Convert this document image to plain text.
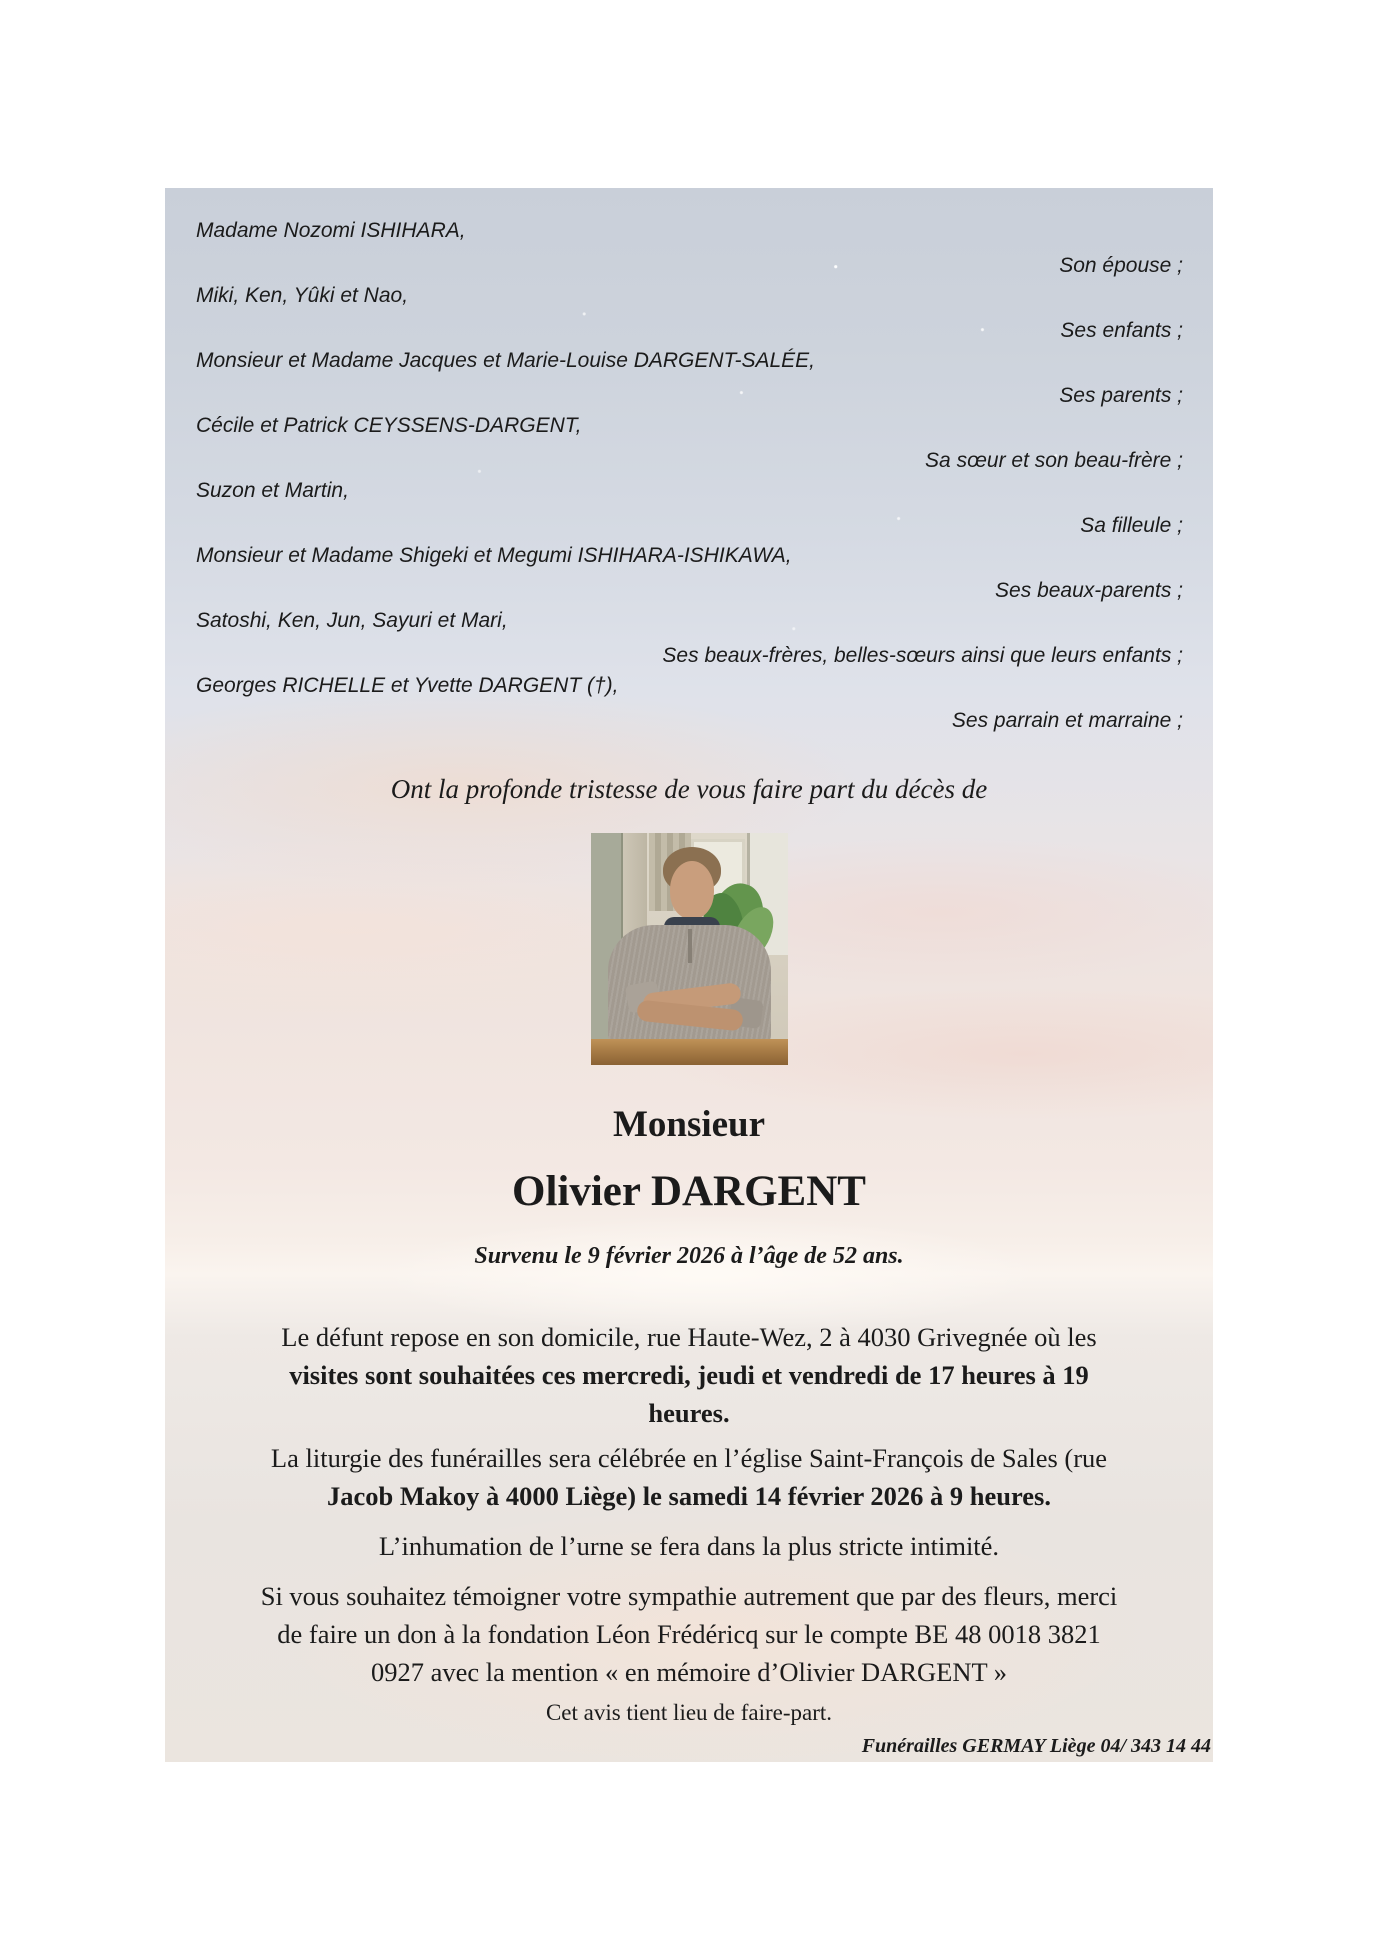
Madame Nozomi ISHIHARA,
Son épouse ;
Miki, Ken, Yûki et Nao,
Ses enfants ;
Monsieur et Madame Jacques et Marie-Louise DARGENT-SALÉE,
Ses parents ;
Cécile et Patrick CEYSSENS-DARGENT,
Sa sœur et son beau-frère ;
Suzon et Martin,
Sa filleule ;
Monsieur et Madame Shigeki et Megumi ISHIHARA-ISHIKAWA,
Ses beaux-parents ;
Satoshi, Ken, Jun, Sayuri et Mari,
Ses beaux-frères, belles-sœurs ainsi que leurs enfants ;
Georges RICHELLE et Yvette DARGENT (†),
Ses parrain et marraine ;
Ont la profonde tristesse de vous faire part du décès de
Monsieur
Olivier DARGENT
Survenu le 9 février 2026 à l’âge de 52 ans.
Le défunt repose en son domicile, rue Haute-Wez, 2 à 4030 Grivegnée où les
visites sont souhaitées ces mercredi, jeudi et vendredi de 17 heures à 19
heures.
La liturgie des funérailles sera célébrée en l’église Saint-François de Sales (rue
Jacob Makoy à 4000 Liège) le samedi 14 février 2026 à 9 heures.
L’inhumation de l’urne se fera dans la plus stricte intimité.
Si vous souhaitez témoigner votre sympathie autrement que par des fleurs, merci
de faire un don à la fondation Léon Frédéricq sur le compte BE 48 0018 3821
0927 avec la mention « en mémoire d’Olivier DARGENT »
Cet avis tient lieu de faire-part.
Funérailles GERMAY Liège 04/ 343 14 44
